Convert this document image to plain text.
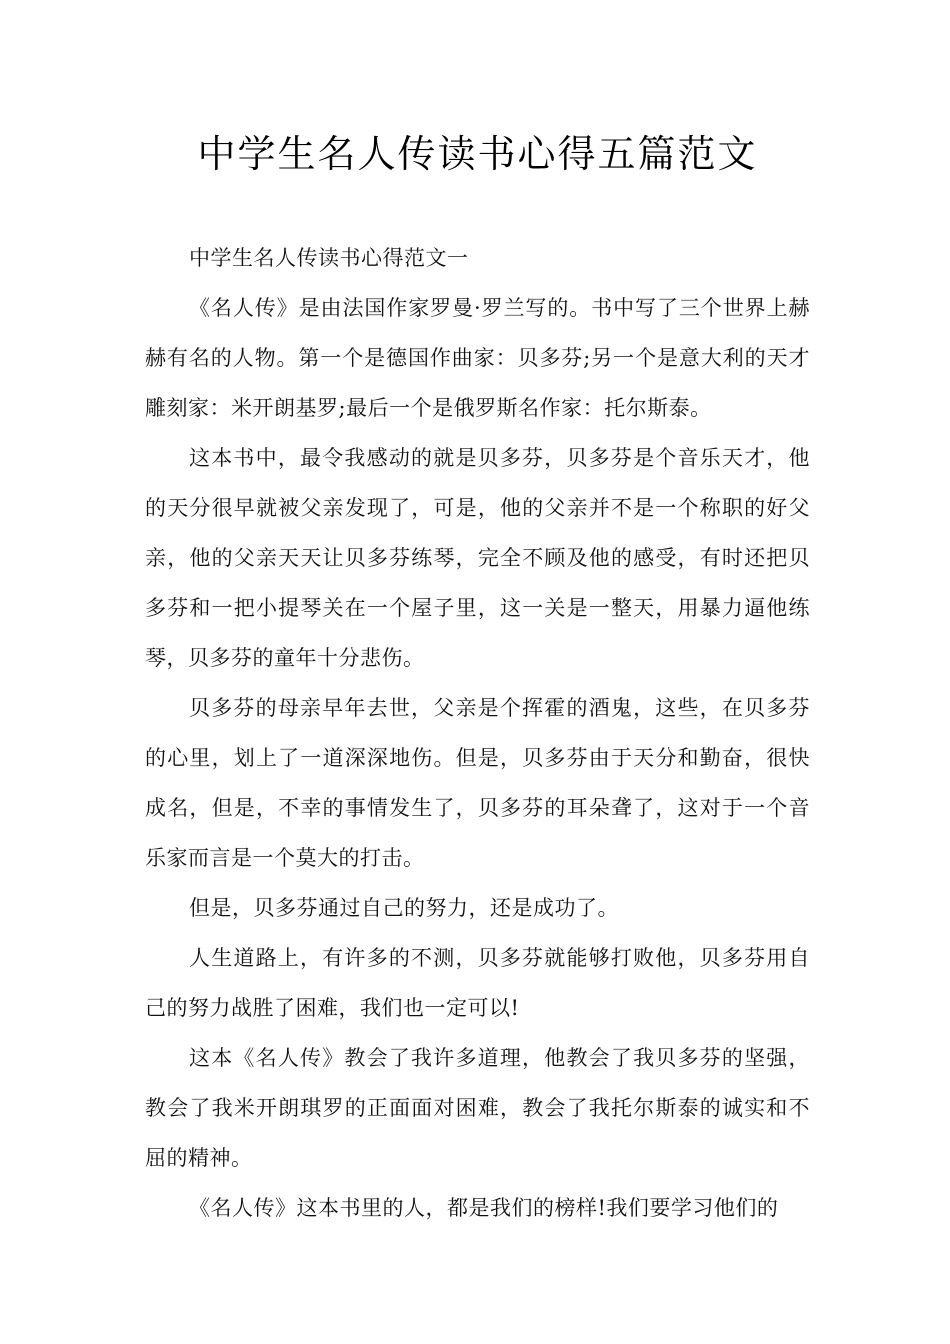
中学生名人传读书心得五篇范文

中学生名人传读书心得范文一

《名人传》是由法国作家罗曼·罗兰写的。书中写了三个世界上赫赫有名的人物。第一个是德国作曲家：贝多芬;另一个是意大利的天才雕刻家：米开朗基罗;最后一个是俄罗斯名作家：托尔斯泰。

这本书中，最令我感动的就是贝多芬，贝多芬是个音乐天才，他的天分很早就被父亲发现了，可是，他的父亲并不是一个称职的好父亲，他的父亲天天让贝多芬练琴，完全不顾及他的感受，有时还把贝多芬和一把小提琴关在一个屋子里，这一关是一整天，用暴力逼他练琴，贝多芬的童年十分悲伤。

贝多芬的母亲早年去世，父亲是个挥霍的酒鬼，这些，在贝多芬的心里，划上了一道深深地伤。但是，贝多芬由于天分和勤奋，很快成名，但是，不幸的事情发生了，贝多芬的耳朵聋了，这对于一个音乐家而言是一个莫大的打击。

但是，贝多芬通过自己的努力，还是成功了。

人生道路上，有许多的不测，贝多芬就能够打败他，贝多芬用自己的努力战胜了困难，我们也一定可以!

这本《名人传》教会了我许多道理，他教会了我贝多芬的坚强，教会了我米开朗琪罗的正面面对困难，教会了我托尔斯泰的诚实和不屈的精神。

《名人传》这本书里的人，都是我们的榜样!我们要学习他们的
